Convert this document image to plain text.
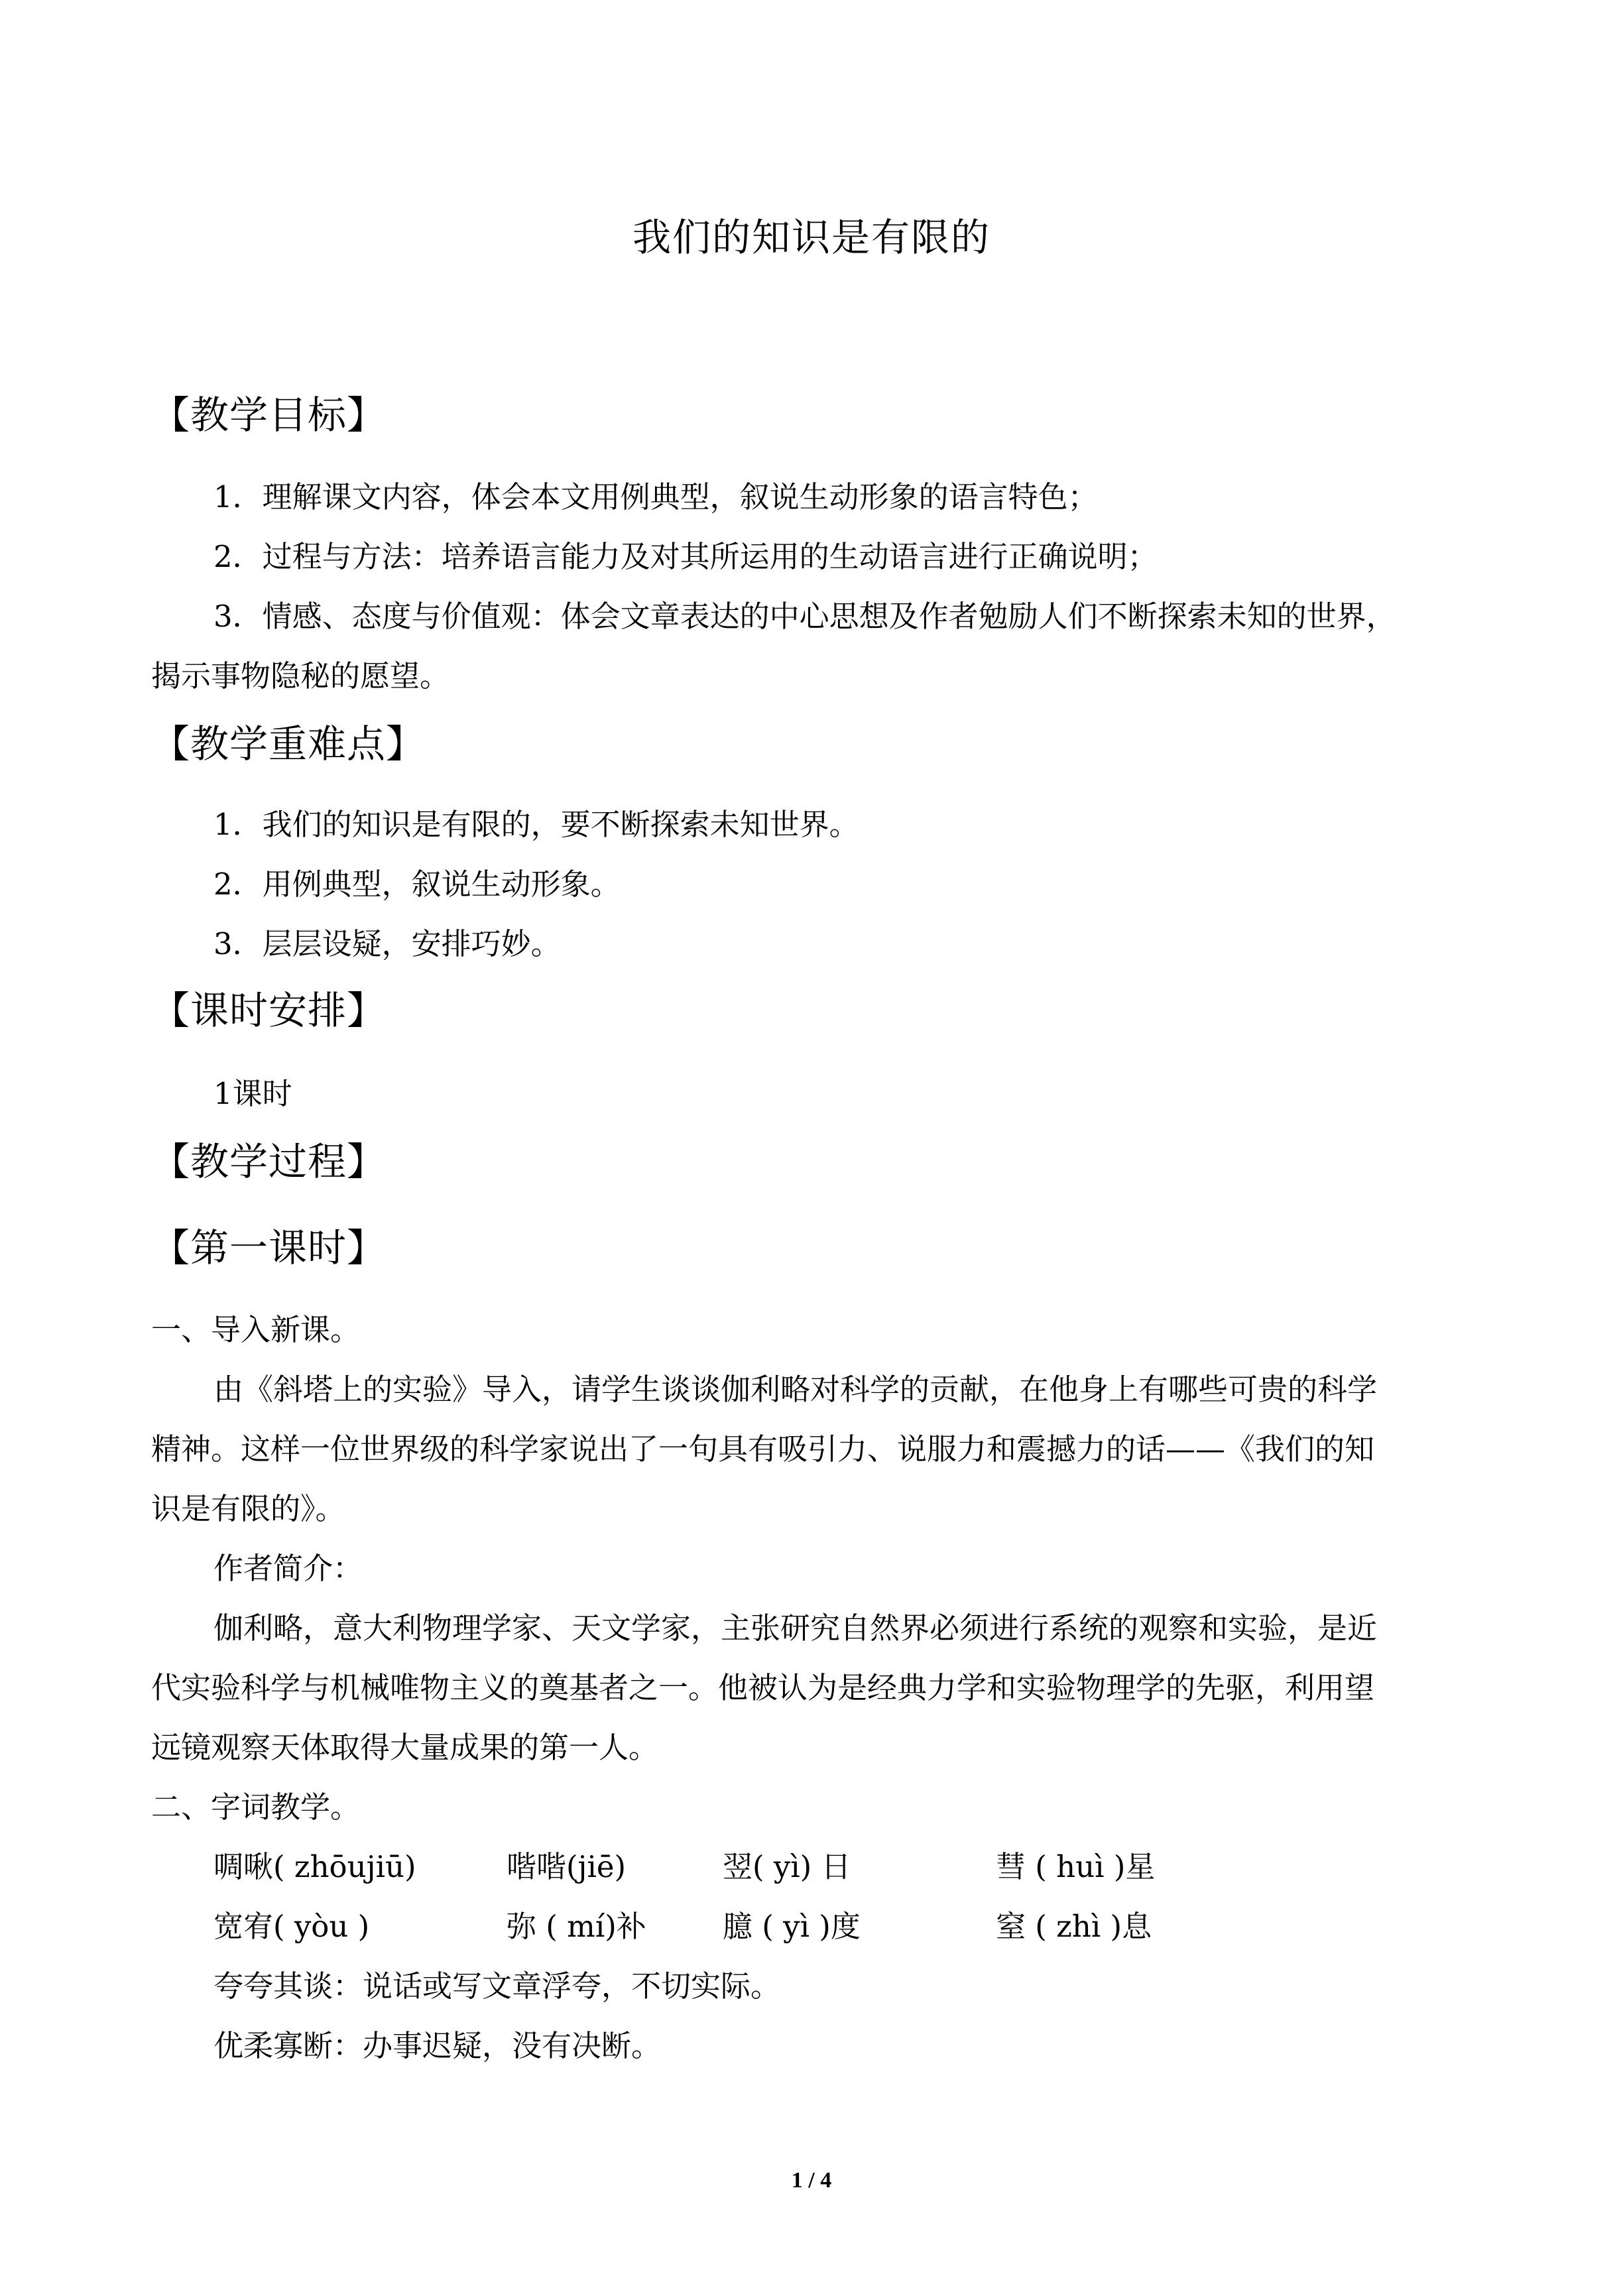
我们的知识是有限的
【教学目标】
1．理解课文内容，体会本文用例典型，叙说生动形象的语言特色；
2．过程与方法：培养语言能力及对其所运用的生动语言进行正确说明；
3．情感、态度与价值观：体会文章表达的中心思想及作者勉励人们不断探索未知的世界，
揭示事物隐秘的愿望。
【教学重难点】
1．我们的知识是有限的，要不断探索未知世界。
2．用例典型，叙说生动形象。
3．层层设疑，安排巧妙。
【课时安排】
1课时
【教学过程】
【第一课时】
一、导入新课。
由《斜塔上的实验》导入，请学生谈谈伽利略对科学的贡献，在他身上有哪些可贵的科学
精神。这样一位世界级的科学家说出了一句具有吸引力、说服力和震撼力的话——《我们的知
识是有限的》。
作者简介：
伽利略，意大利物理学家、天文学家，主张研究自然界必须进行系统的观察和实验，是近
代实验科学与机械唯物主义的奠基者之一。他被认为是经典力学和实验物理学的先驱，利用望
远镜观察天体取得大量成果的第一人。
二、字词教学。
啁啾( zhōujiū)	喈喈(jiē)	翌( yì) 日	彗 ( huì )星
宽宥( yòu )	弥 ( mí)补	臆 ( yì )度	窒 ( zhì )息
夸夸其谈：说话或写文章浮夸，不切实际。
优柔寡断：办事迟疑，没有决断。
1 / 4
